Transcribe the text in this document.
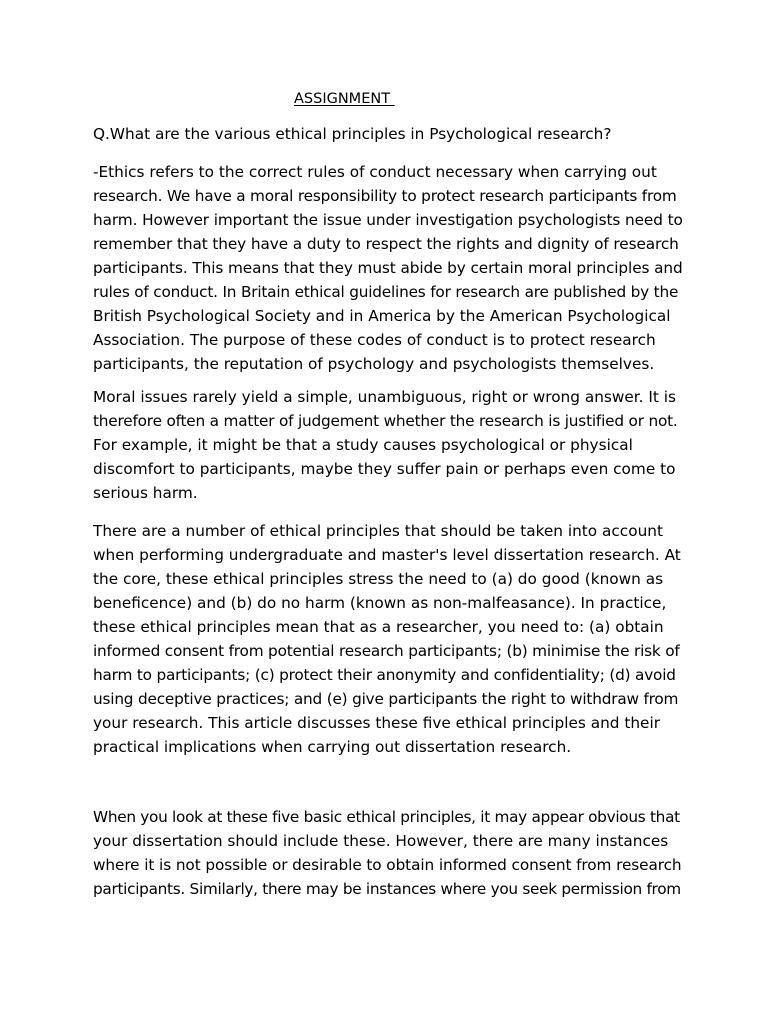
ASSIGNMENT
Q.What are the various ethical principles in Psychological research?
-Ethics refers to the correct rules of conduct necessary when carrying out
research. We have a moral responsibility to protect research participants from
harm. However important the issue under investigation psychologists need to
remember that they have a duty to respect the rights and dignity of research
participants. This means that they must abide by certain moral principles and
rules of conduct. In Britain ethical guidelines for research are published by the
British Psychological Society and in America by the American Psychological
Association. The purpose of these codes of conduct is to protect research
participants, the reputation of psychology and psychologists themselves.
Moral issues rarely yield a simple, unambiguous, right or wrong answer. It is
therefore often a matter of judgement whether the research is justified or not.
For example, it might be that a study causes psychological or physical
discomfort to participants, maybe they suffer pain or perhaps even come to
serious harm.
There are a number of ethical principles that should be taken into account
when performing undergraduate and master's level dissertation research. At
the core, these ethical principles stress the need to (a) do good (known as
beneficence) and (b) do no harm (known as non-malfeasance). In practice,
these ethical principles mean that as a researcher, you need to: (a) obtain
informed consent from potential research participants; (b) minimise the risk of
harm to participants; (c) protect their anonymity and confidentiality; (d) avoid
using deceptive practices; and (e) give participants the right to withdraw from
your research. This article discusses these five ethical principles and their
practical implications when carrying out dissertation research.
When you look at these five basic ethical principles, it may appear obvious that
your dissertation should include these. However, there are many instances
where it is not possible or desirable to obtain informed consent from research
participants. Similarly, there may be instances where you seek permission from
